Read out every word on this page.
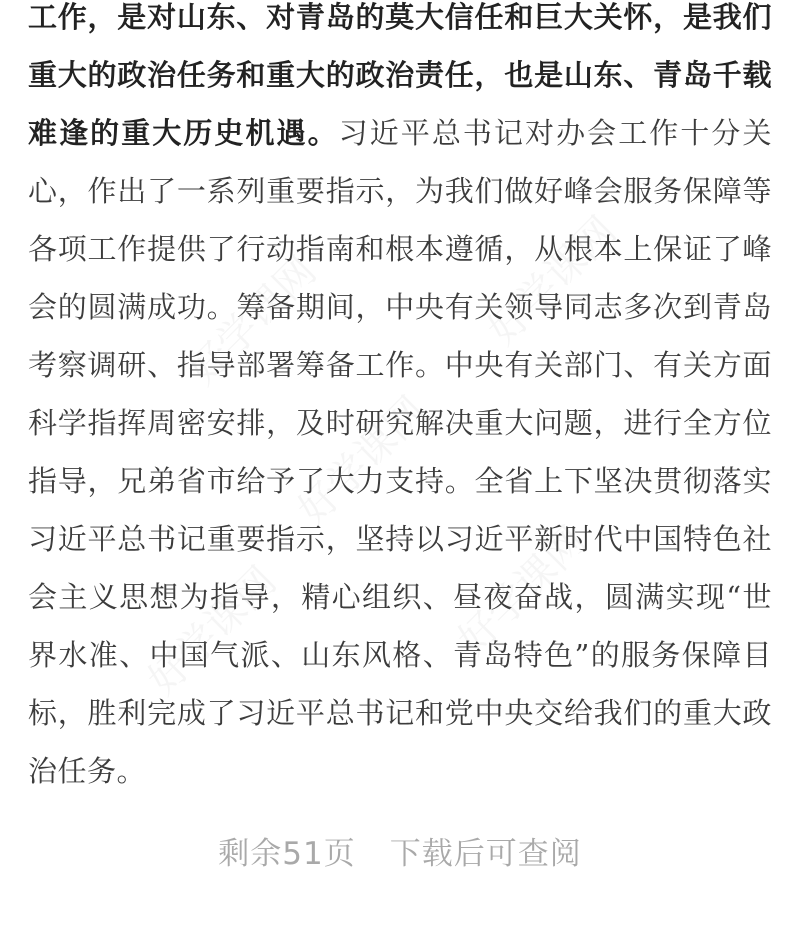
工作，是对山东、对青岛的莫大信任和巨大关怀，是我们重大的政治任务和重大的政治责任，也是山东、青岛千载难逢的重大历史机遇。习近平总书记对办会工作十分关心，作出了一系列重要指示，为我们做好峰会服务保障等各项工作提供了行动指南和根本遵循，从根本上保证了峰会的圆满成功。筹备期间，中央有关领导同志多次到青岛考察调研、指导部署筹备工作。中央有关部门、有关方面科学指挥周密安排，及时研究解决重大问题，进行全方位指导，兄弟省市给予了大力支持。全省上下坚决贯彻落实习近平总书记重要指示，坚持以习近平新时代中国特色社会主义思想为指导，精心组织、昼夜奋战，圆满实现“世界水准、中国气派、山东风格、青岛特色”的服务保障目标，胜利完成了习近平总书记和党中央交给我们的重大政治任务。

好学课网	好学课网
好学课网
好学课网	好学课网
剩余51页 下载后可查阅
